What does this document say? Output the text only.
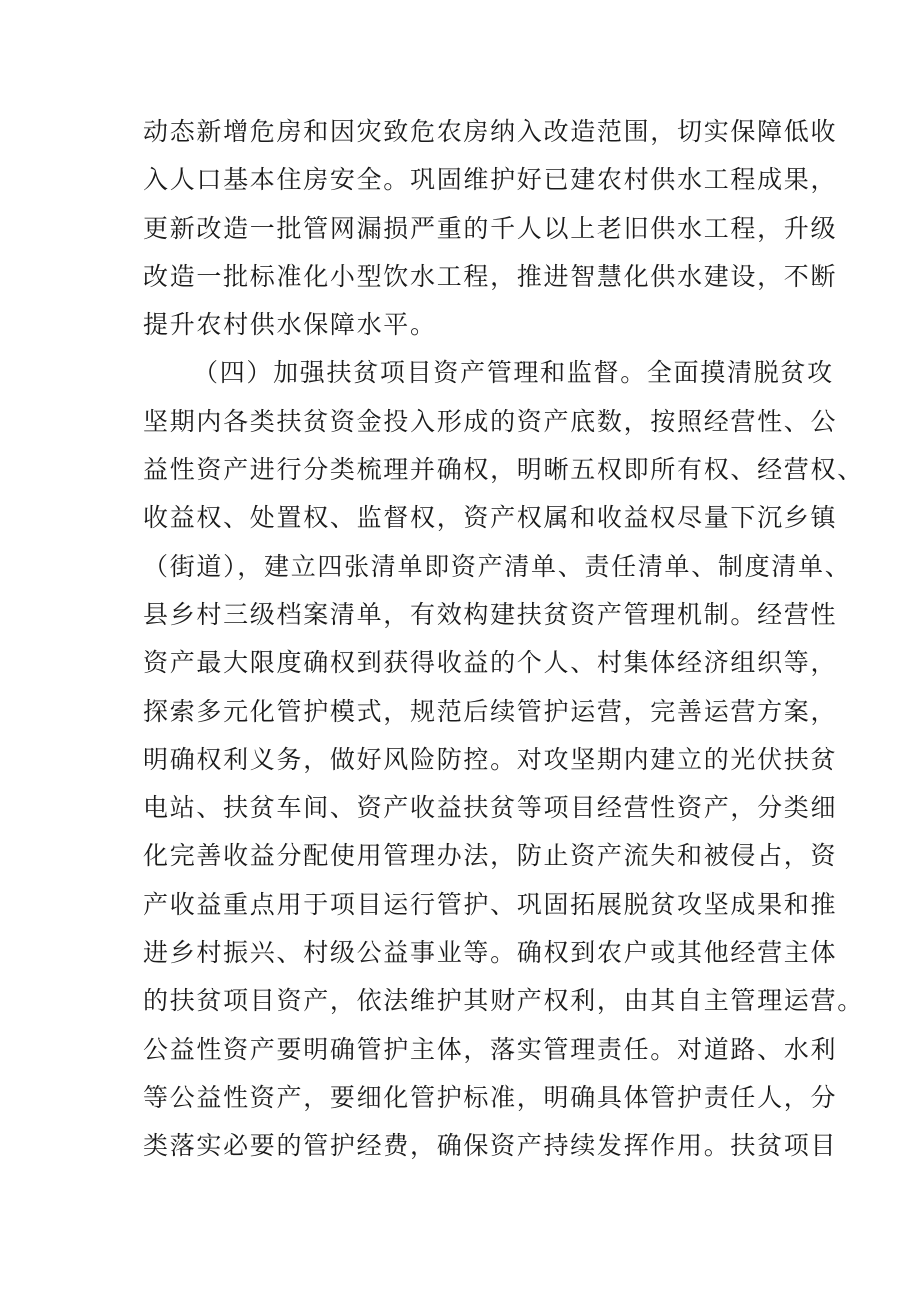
动态新增危房和因灾致危农房纳入改造范围，切实保障低收
入人口基本住房安全。巩固维护好已建农村供水工程成果，
更新改造一批管网漏损严重的千人以上老旧供水工程，升级
改造一批标准化小型饮水工程，推进智慧化供水建设，不断
提升农村供水保障水平。
（四）加强扶贫项目资产管理和监督。全面摸清脱贫攻
坚期内各类扶贫资金投入形成的资产底数，按照经营性、公
益性资产进行分类梳理并确权，明晰五权即所有权、经营权、
收益权、处置权、监督权，资产权属和收益权尽量下沉乡镇
（街道），建立四张清单即资产清单、责任清单、制度清单、
县乡村三级档案清单，有效构建扶贫资产管理机制。经营性
资产最大限度确权到获得收益的个人、村集体经济组织等，
探索多元化管护模式，规范后续管护运营，完善运营方案，
明确权利义务，做好风险防控。对攻坚期内建立的光伏扶贫
电站、扶贫车间、资产收益扶贫等项目经营性资产，分类细
化完善收益分配使用管理办法，防止资产流失和被侵占，资
产收益重点用于项目运行管护、巩固拓展脱贫攻坚成果和推
进乡村振兴、村级公益事业等。确权到农户或其他经营主体
的扶贫项目资产，依法维护其财产权利，由其自主管理运营。
公益性资产要明确管护主体，落实管理责任。对道路、水利
等公益性资产，要细化管护标准，明确具体管护责任人，分
类落实必要的管护经费，确保资产持续发挥作用。扶贫项目
